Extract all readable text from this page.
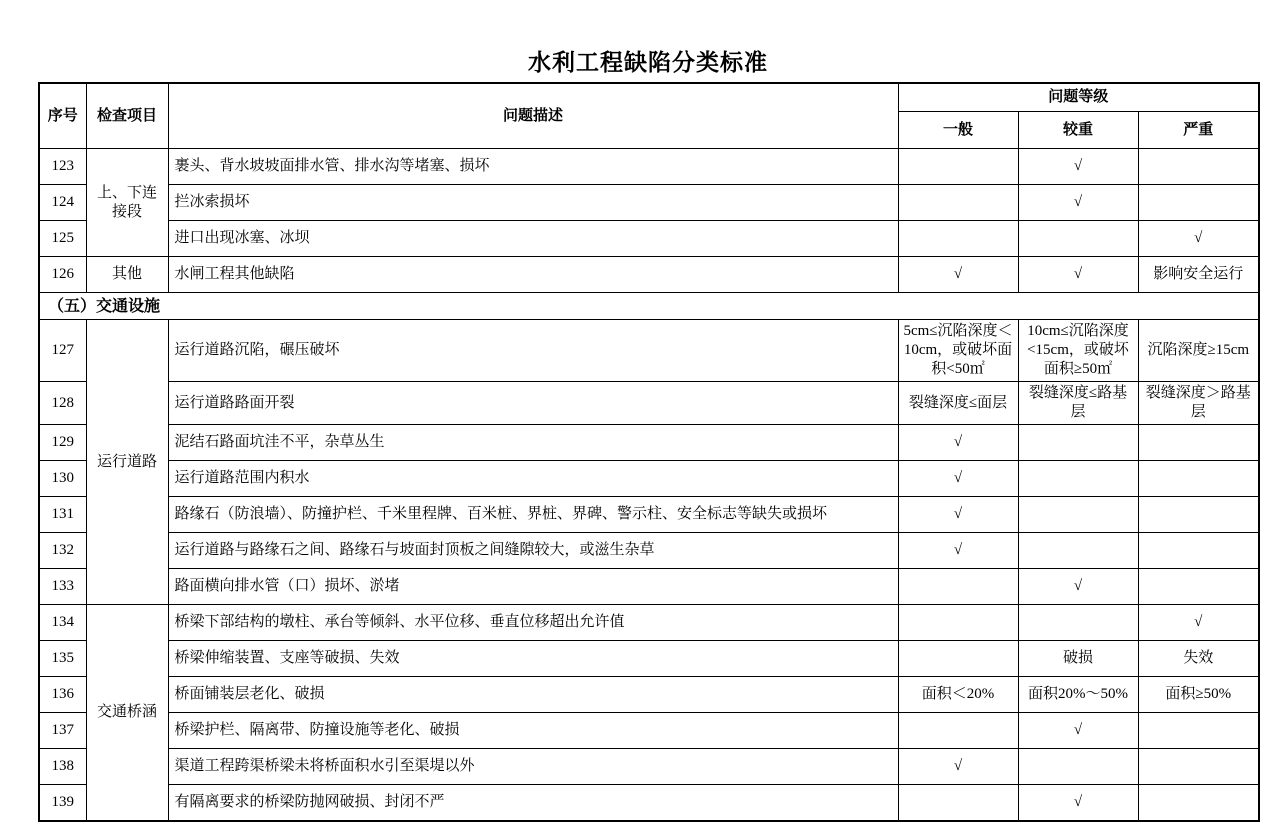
水利工程缺陷分类标准
序号	检查项目	问题描述	问题等级		
			一般	较重	严重
123	上、下连接段	裹头、背水坡坡面排水管、排水沟等堵塞、损坏		√	
124		拦冰索损坏		√	
125		进口出现冰塞、冰坝			√
126	其他	水闸工程其他缺陷	√	√	影响安全运行
（五）交通设施					
127	运行道路	运行道路沉陷，碾压破坏	5cm≤沉陷深度＜10cm，或破坏面积<50㎡	10cm≤沉陷深度<15cm，或破坏面积≥50㎡	沉陷深度≥15cm
128		运行道路路面开裂	裂缝深度≤面层	裂缝深度≤路基层	裂缝深度＞路基层
129		泥结石路面坑洼不平，杂草丛生	√		
130		运行道路范围内积水	√		
131		路缘石（防浪墙）、防撞护栏、千米里程牌、百米桩、界桩、界碑、警示柱、安全标志等缺失或损坏	√		
132		运行道路与路缘石之间、路缘石与坡面封顶板之间缝隙较大，或滋生杂草	√		
133		路面横向排水管（口）损坏、淤堵		√	
134	交通桥涵	桥梁下部结构的墩柱、承台等倾斜、水平位移、垂直位移超出允许值			√
135		桥梁伸缩装置、支座等破损、失效		破损	失效
136		桥面铺装层老化、破损	面积＜20%	面积20%～50%	面积≥50%
137		桥梁护栏、隔离带、防撞设施等老化、破损		√	
138		渠道工程跨渠桥梁未将桥面积水引至渠堤以外	√		
139		有隔离要求的桥梁防抛网破损、封闭不严		√	
